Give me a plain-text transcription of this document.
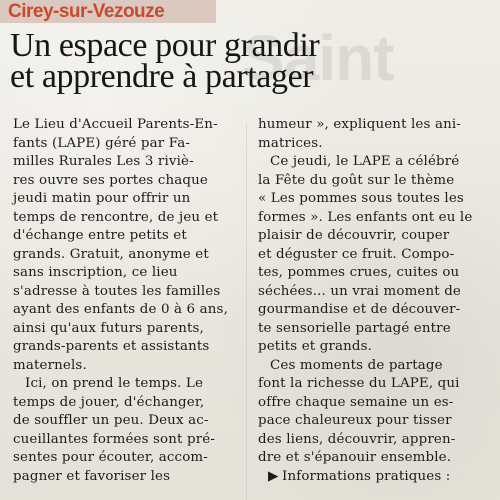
Saint
Cirey-sur-Vezouze
Un espace pour grandir
et apprendre à partager

Le Lieu d'Accueil Parents-En-
fants (LAPE) géré par Fa-
milles Rurales Les 3 riviè-
res ouvre ses portes chaque
jeudi matin pour offrir un
temps de rencontre, de jeu et
d'échange entre petits et
grands. Gratuit, anonyme et
sans inscription, ce lieu
s'adresse à toutes les familles
ayant des enfants de 0 à 6 ans,
ainsi qu'aux futurs parents,
grands-parents et assistants
maternels.

Ici, on prend le temps. Le
temps de jouer, d'échanger,
de souffler un peu. Deux ac-
cueillantes formées sont pré-
sentes pour écouter, accom-
pagner et favoriser les

humeur », expliquent les ani-
matrices.

Ce jeudi, le LAPE a célébré
la Fête du goût sur le thème
« Les pommes sous toutes les
formes ». Les enfants ont eu le
plaisir de découvrir, couper
et déguster ce fruit. Compo-
tes, pommes crues, cuites ou
séchées... un vrai moment de
gourmandise et de découver-
te sensorielle partagé entre
petits et grands.

Ces moments de partage
font la richesse du LAPE, qui
offre chaque semaine un es-
pace chaleureux pour tisser
des liens, découvrir, appren-
dre et s'épanouir ensemble.

▶ Informations pratiques :
